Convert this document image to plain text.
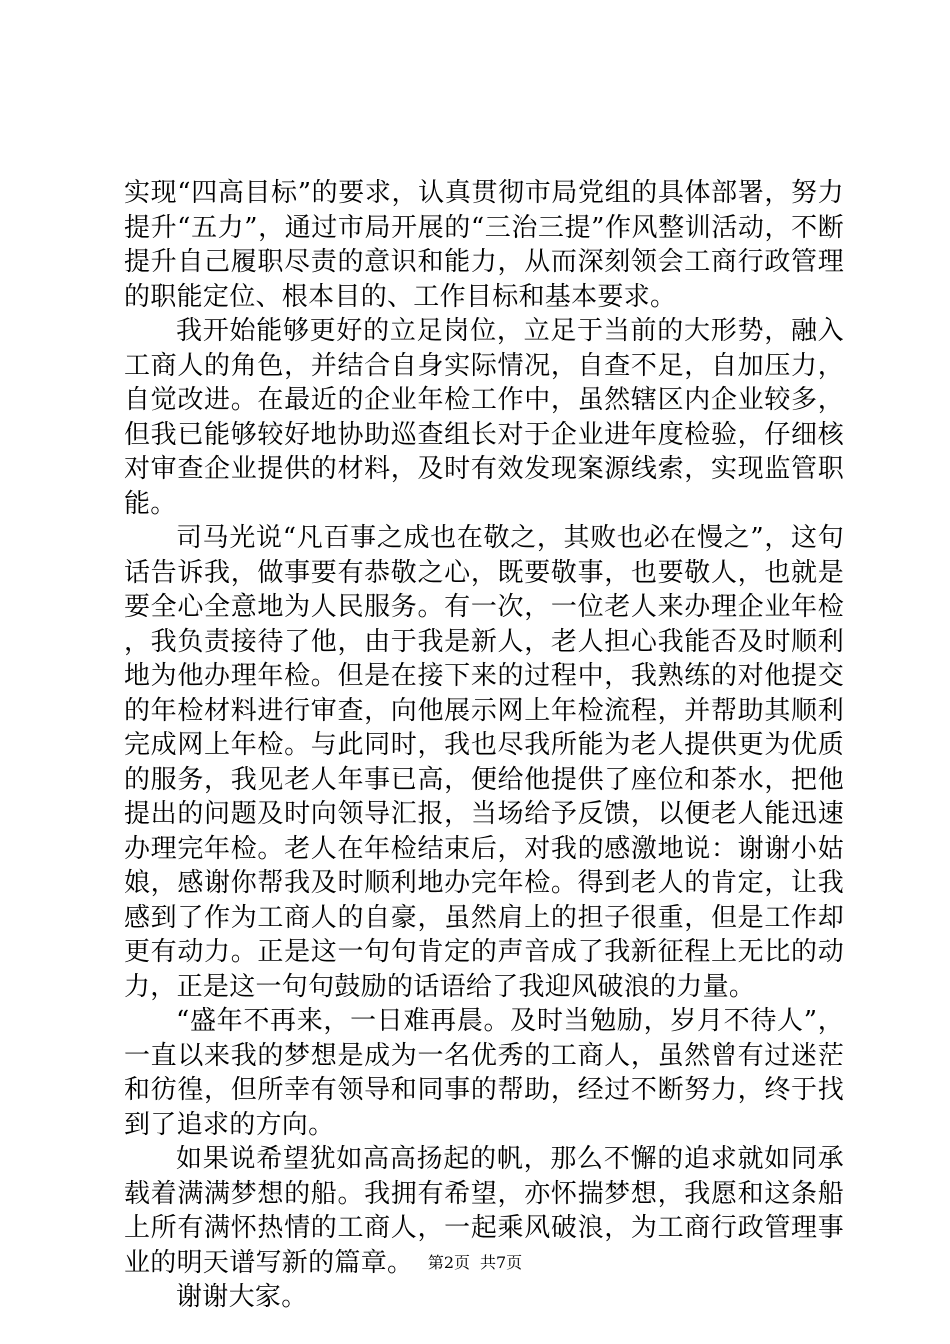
实现“四高目标”的要求，认真贯彻市局党组的具体部署，努力提升“五力”，通过市局开展的“三治三提”作风整训活动，不断提升自己履职尽责的意识和能力，从而深刻领会工商行政管理的职能定位、根本目的、工作目标和基本要求。

我开始能够更好的立足岗位，立足于当前的大形势，融入工商人的角色，并结合自身实际情况，自查不足，自加压力，自觉改进。在最近的企业年检工作中，虽然辖区内企业较多，但我已能够较好地协助巡查组长对于企业进年度检验，仔细核对审查企业提供的材料，及时有效发现案源线索，实现监管职能。

司马光说“凡百事之成也在敬之，其败也必在慢之”，这句话告诉我，做事要有恭敬之心，既要敬事，也要敬人，也就是要全心全意地为人民服务。有一次，一位老人来办理企业年检，我负责接待了他，由于我是新人，老人担心我能否及时顺利地为他办理年检。但是在接下来的过程中，我熟练的对他提交的年检材料进行审查，向他展示网上年检流程，并帮助其顺利完成网上年检。与此同时，我也尽我所能为老人提供更为优质的服务，我见老人年事已高，便给他提供了座位和茶水，把他提出的问题及时向领导汇报，当场给予反馈，以便老人能迅速办理完年检。老人在年检结束后，对我的感激地说：谢谢小姑娘，感谢你帮我及时顺利地办完年检。得到老人的肯定，让我感到了作为工商人的自豪，虽然肩上的担子很重，但是工作却更有动力。正是这一句句肯定的声音成了我新征程上无比的动力，正是这一句句鼓励的话语给了我迎风破浪的力量。

“盛年不再来，一日难再晨。及时当勉励，岁月不待人”，一直以来我的梦想是成为一名优秀的工商人，虽然曾有过迷茫和彷徨，但所幸有领导和同事的帮助，经过不断努力，终于找到了追求的方向。

如果说希望犹如高高扬起的帆，那么不懈的追求就如同承载着满满梦想的船。我拥有希望，亦怀揣梦想，我愿和这条船上所有满怀热情的工商人，一起乘风破浪，为工商行政管理事业的明天谱写新的篇章。

谢谢大家。

第2页 共7页
